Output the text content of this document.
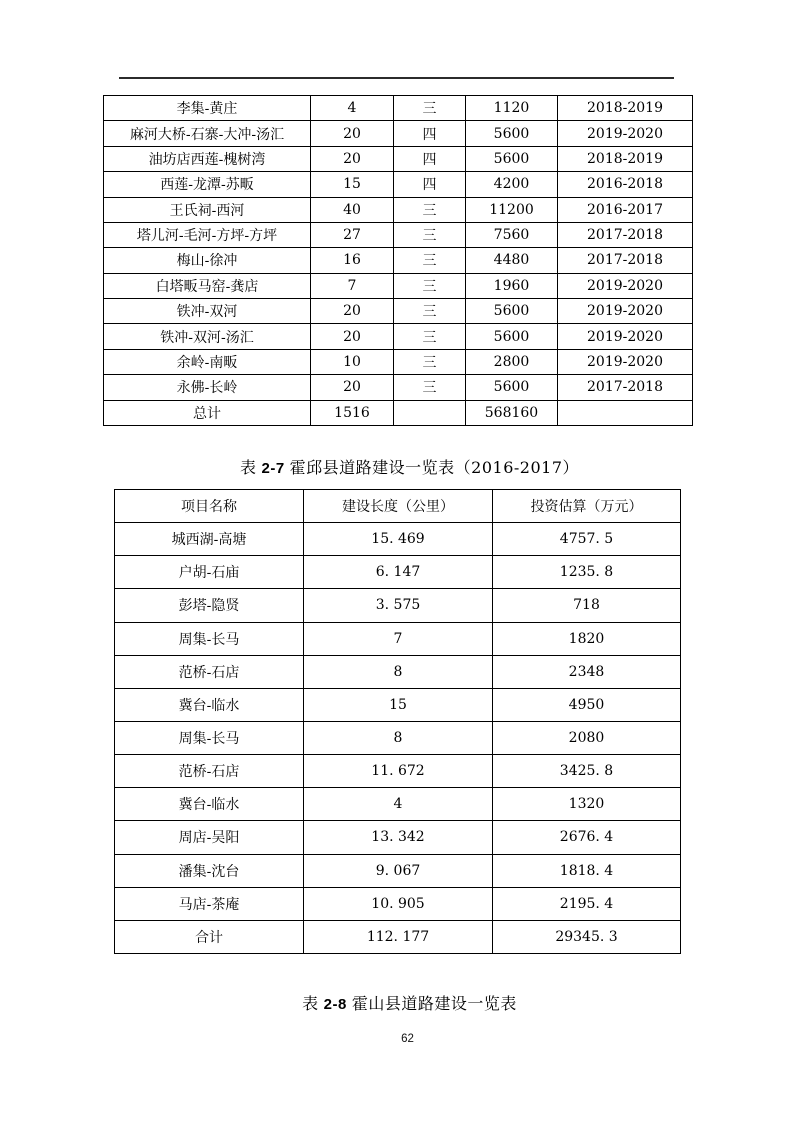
李集-黄庄	4	三	1120	2018-2019
麻河大桥-石寨-大冲-汤汇	20	四	5600	2019-2020
油坊店西莲-槐树湾	20	四	5600	2018-2019
西莲-龙潭-苏畈	15	四	4200	2016-2018
王氏祠-西河	40	三	11200	2016-2017
塔儿河-毛河-方坪-方坪	27	三	7560	2017-2018
梅山-徐冲	16	三	4480	2017-2018
白塔畈马窑-龚店	7	三	1960	2019-2020
铁冲-双河	20	三	5600	2019-2020
铁冲-双河-汤汇	20	三	5600	2019-2020
余岭-南畈	10	三	2800	2019-2020
永佛-长岭	20	三	5600	2017-2018
总计	1516		568160	
表 2-7 霍邱县道路建设一览表（2016-2017）
项目名称	建设长度（公里）	投资估算（万元）
城西湖-高塘	15. 469	4757. 5
户胡-石庙	6. 147	1235. 8
彭塔-隐贤	3. 575	718
周集-长马	7	1820
范桥-石店	8	2348
冀台-临水	15	4950
周集-长马	8	2080
范桥-石店	11. 672	3425. 8
冀台-临水	4	1320
周店-吴阳	13. 342	2676. 4
潘集-沈台	9. 067	1818. 4
马店-茶庵	10. 905	2195. 4
合计	112. 177	29345. 3
表 2-8 霍山县道路建设一览表
62
